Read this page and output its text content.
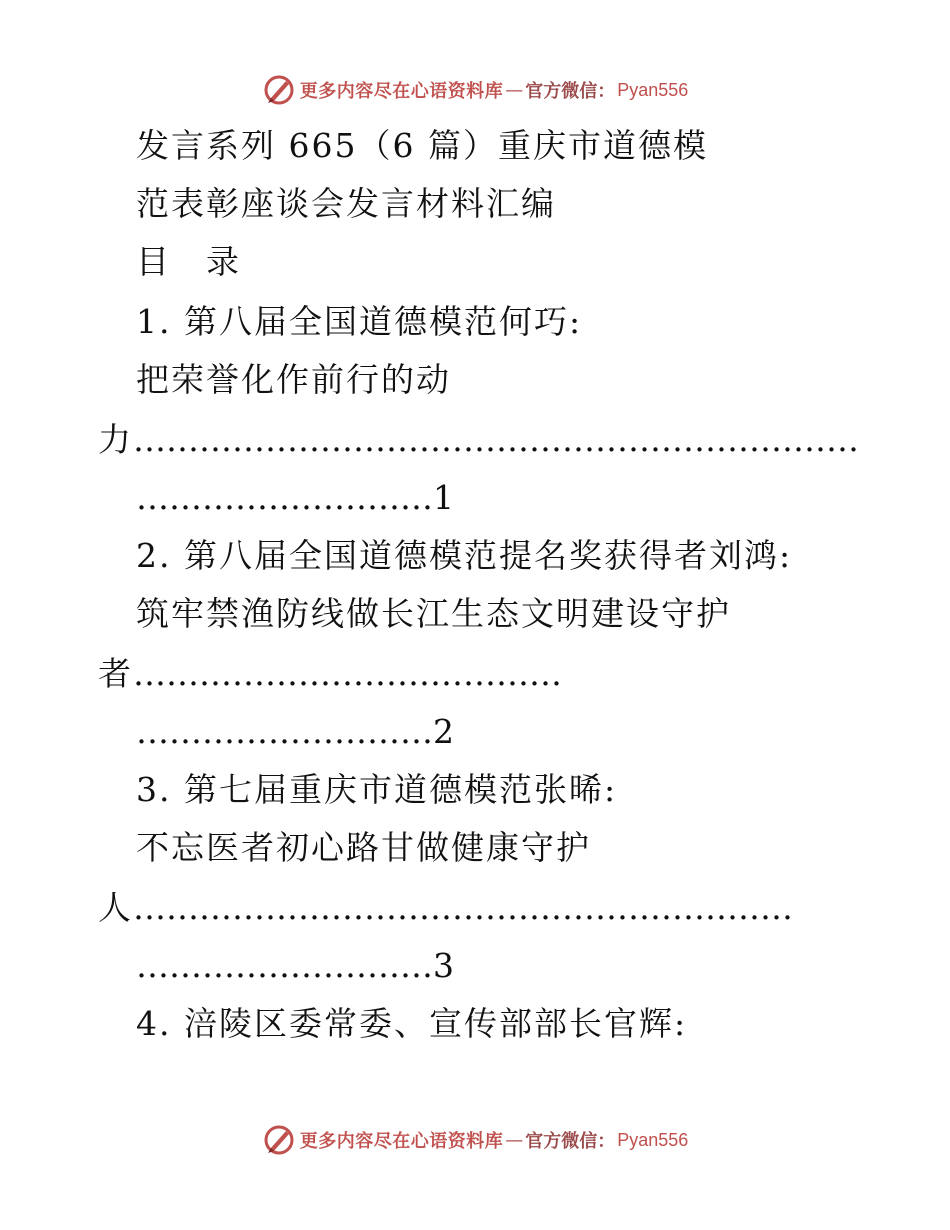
更多内容尽在心语资料库 — 官方微信： Pyan556
发言系列 665（6 篇）重庆市道德模
范表彰座谈会发言材料汇编
目　录
1. 第八届全国道德模范何巧:
把荣誉化作前行的动
力…………………………………………………………
………………………1
2. 第八届全国道德模范提名奖获得者刘鸿:
筑牢禁渔防线做长江生态文明建设守护
者…………………………………
………………………2
3. 第七届重庆市道德模范张晞:
不忘医者初心路甘做健康守护
人……………………………………………………
………………………3
4. 涪陵区委常委、宣传部部长官辉:
更多内容尽在心语资料库 — 官方微信： Pyan556
